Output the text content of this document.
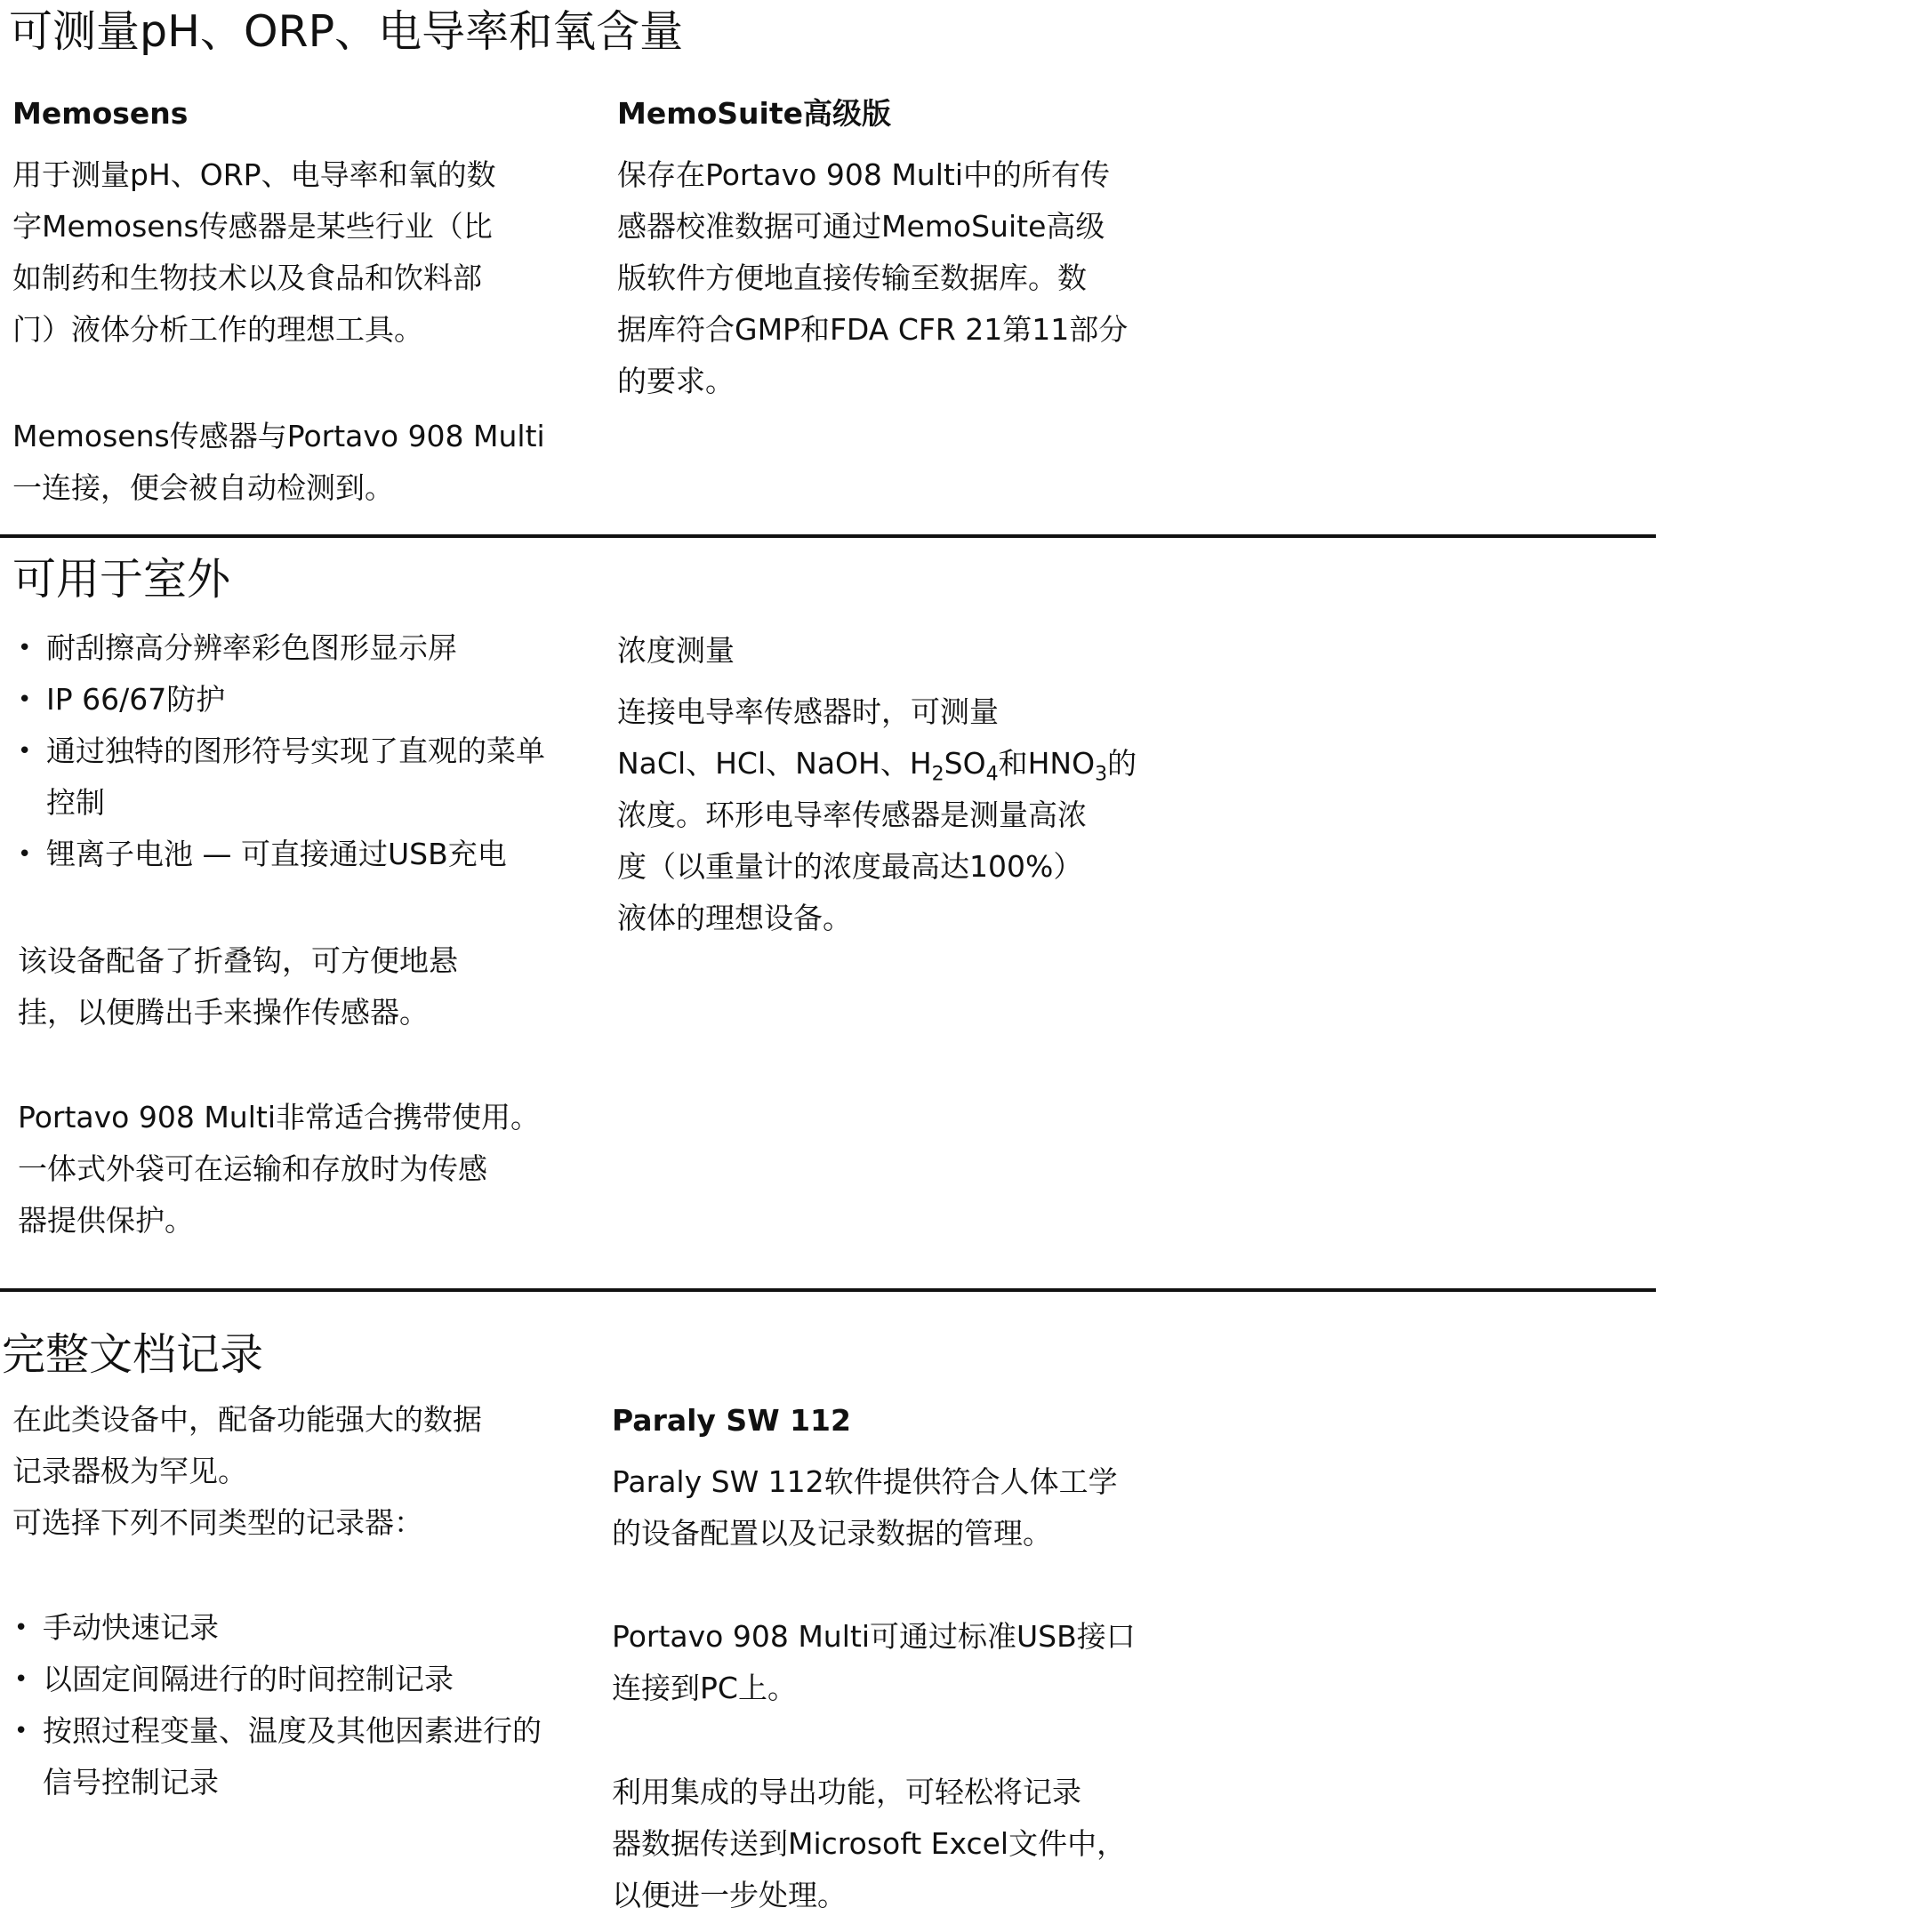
可测量pH、ORP、电导率和氧含量
Memosens
用于测量pH、ORP、电导率和氧的数
字Memosens传感器是某些行业（比
如制药和生物技术以及食品和饮料部
门）液体分析工作的理想工具。
Memosens传感器与Portavo 908 Multi
一连接，便会被自动检测到。
MemoSuite高级版
保存在Portavo 908 Multi中的所有传
感器校准数据可通过MemoSuite高级
版软件方便地直接传输至数据库。数
据库符合GMP和FDA CFR 21第11部分
的要求。
可用于室外
• 耐刮擦高分辨率彩色图形显示屏
• IP 66/67防护
• 通过独特的图形符号实现了直观的菜单控制
• 锂离子电池 — 可直接通过USB充电
该设备配备了折叠钩，可方便地悬
挂，以便腾出手来操作传感器。
Portavo 908 Multi非常适合携带使用。
一体式外袋可在运输和存放时为传感
器提供保护。
浓度测量
连接电导率传感器时，可测量
NaCl、HCl、NaOH、$H_2SO_4$和$HNO_3$的
浓度。环形电导率传感器是测量高浓
度（以重量计的浓度最高达100%）
液体的理想设备。
完整文档记录
在此类设备中，配备功能强大的数据
记录器极为罕见。
可选择下列不同类型的记录器：
• 手动快速记录
• 以固定间隔进行的时间控制记录
• 按照过程变量、温度及其他因素进行的信号控制记录
Paraly SW 112
Paraly SW 112软件提供符合人体工学
的设备配置以及记录数据的管理。
Portavo 908 Multi可通过标准USB接口
连接到PC上。
利用集成的导出功能，可轻松将记录
器数据传送到Microsoft Excel文件中，
以便进一步处理。
